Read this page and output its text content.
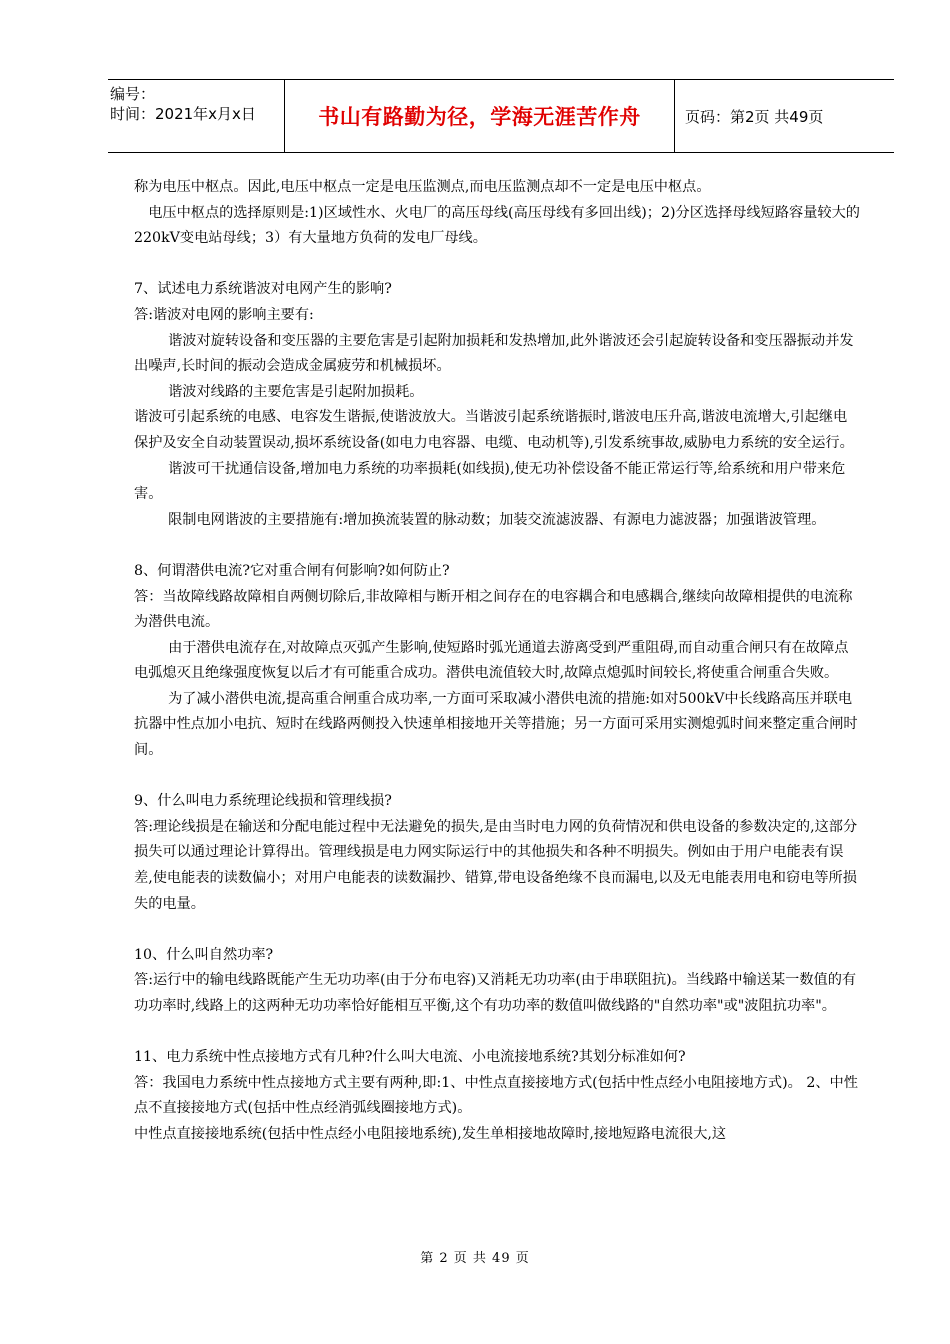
编号：
时间：2021年x月x日	书山有路勤为径，学海无涯苦作舟	页码：第2页 共49页

称为电压中枢点。因此,电压中枢点一定是电压监测点,而电压监测点却不一定是电压中枢点。

电压中枢点的选择原则是:1)区域性水、火电厂的高压母线(高压母线有多回出线)；2)分区选择母线短路容量较大的220kV变电站母线；3）有大量地方负荷的发电厂母线。

7、试述电力系统谐波对电网产生的影响?

答:谐波对电网的影响主要有:

谐波对旋转设备和变压器的主要危害是引起附加损耗和发热增加,此外谐波还会引起旋转设备和变压器振动并发出噪声,长时间的振动会造成金属疲劳和机械损坏。

谐波对线路的主要危害是引起附加损耗。

谐波可引起系统的电感、电容发生谐振,使谐波放大。当谐波引起系统谐振时,谐波电压升高,谐波电流增大,引起继电保护及安全自动装置误动,损坏系统设备(如电力电容器、电缆、电动机等),引发系统事故,威胁电力系统的安全运行。

谐波可干扰通信设备,增加电力系统的功率损耗(如线损),使无功补偿设备不能正常运行等,给系统和用户带来危害。

限制电网谐波的主要措施有:增加换流装置的脉动数；加装交流滤波器、有源电力滤波器；加强谐波管理。

8、何谓潜供电流?它对重合闸有何影响?如何防止?

答：当故障线路故障相自两侧切除后,非故障相与断开相之间存在的电容耦合和电感耦合,继续向故障相提供的电流称为潜供电流。

由于潜供电流存在,对故障点灭弧产生影响,使短路时弧光通道去游离受到严重阻碍,而自动重合闸只有在故障点电弧熄灭且绝缘强度恢复以后才有可能重合成功。潜供电流值较大时,故障点熄弧时间较长,将使重合闸重合失败。

为了减小潜供电流,提高重合闸重合成功率,一方面可采取减小潜供电流的措施:如对500kV中长线路高压并联电抗器中性点加小电抗、短时在线路两侧投入快速单相接地开关等措施；另一方面可采用实测熄弧时间来整定重合闸时间。

9、什么叫电力系统理论线损和管理线损?

答:理论线损是在输送和分配电能过程中无法避免的损失,是由当时电力网的负荷情况和供电设备的参数决定的,这部分损失可以通过理论计算得出。管理线损是电力网实际运行中的其他损失和各种不明损失。例如由于用户电能表有误差,使电能表的读数偏小；对用户电能表的读数漏抄、错算,带电设备绝缘不良而漏电,以及无电能表用电和窃电等所损失的电量。

10、什么叫自然功率?

答:运行中的输电线路既能产生无功功率(由于分布电容)又消耗无功功率(由于串联阻抗)。当线路中输送某一数值的有功功率时,线路上的这两种无功功率恰好能相互平衡,这个有功功率的数值叫做线路的"自然功率"或"波阻抗功率"。

11、电力系统中性点接地方式有几种?什么叫大电流、小电流接地系统?其划分标准如何?

答：我国电力系统中性点接地方式主要有两种,即:1、中性点直接接地方式(包括中性点经小电阻接地方式)。 2、中性点不直接接地方式(包括中性点经消弧线圈接地方式)。

中性点直接接地系统(包括中性点经小电阻接地系统),发生单相接地故障时,接地短路电流很大,这

第 2 页 共 49 页
